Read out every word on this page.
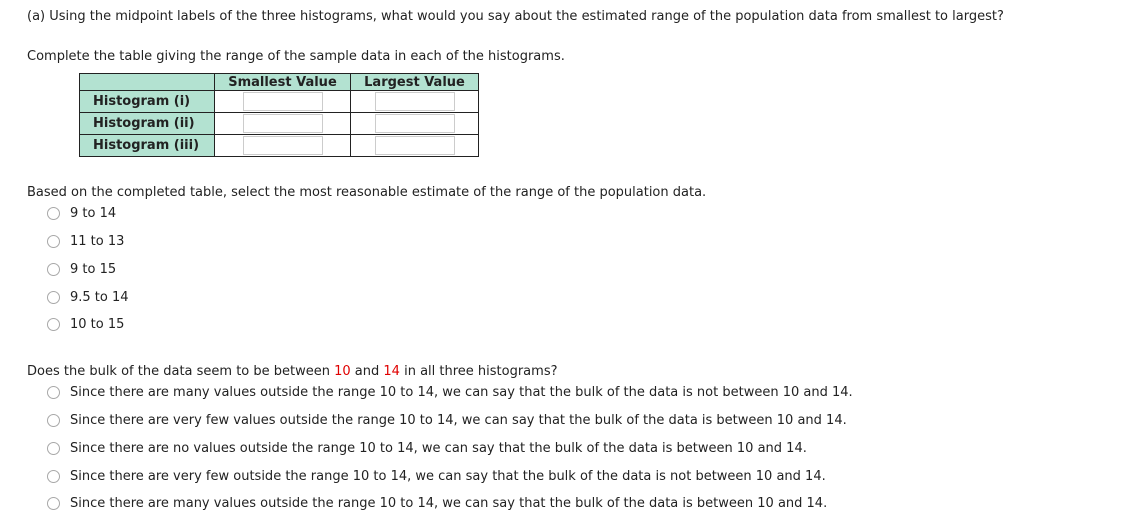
(a) Using the midpoint labels of the three histograms, what would you say about the estimated range of the population data from smallest to largest?
Complete the table giving the range of the sample data in each of the histograms.
	Smallest Value	Largest Value
Histogram (i)		
Histogram (ii)		
Histogram (iii)		
Based on the completed table, select the most reasonable estimate of the range of the population data.
9 to 14
11 to 13
9 to 15
9.5 to 14
10 to 15
Does the bulk of the data seem to be between 10 and 14 in all three histograms?
Since there are many values outside the range 10 to 14, we can say that the bulk of the data is not between 10 and 14.
Since there are very few values outside the range 10 to 14, we can say that the bulk of the data is between 10 and 14.
Since there are no values outside the range 10 to 14, we can say that the bulk of the data is between 10 and 14.
Since there are very few outside the range 10 to 14, we can say that the bulk of the data is not between 10 and 14.
Since there are many values outside the range 10 to 14, we can say that the bulk of the data is between 10 and 14.
